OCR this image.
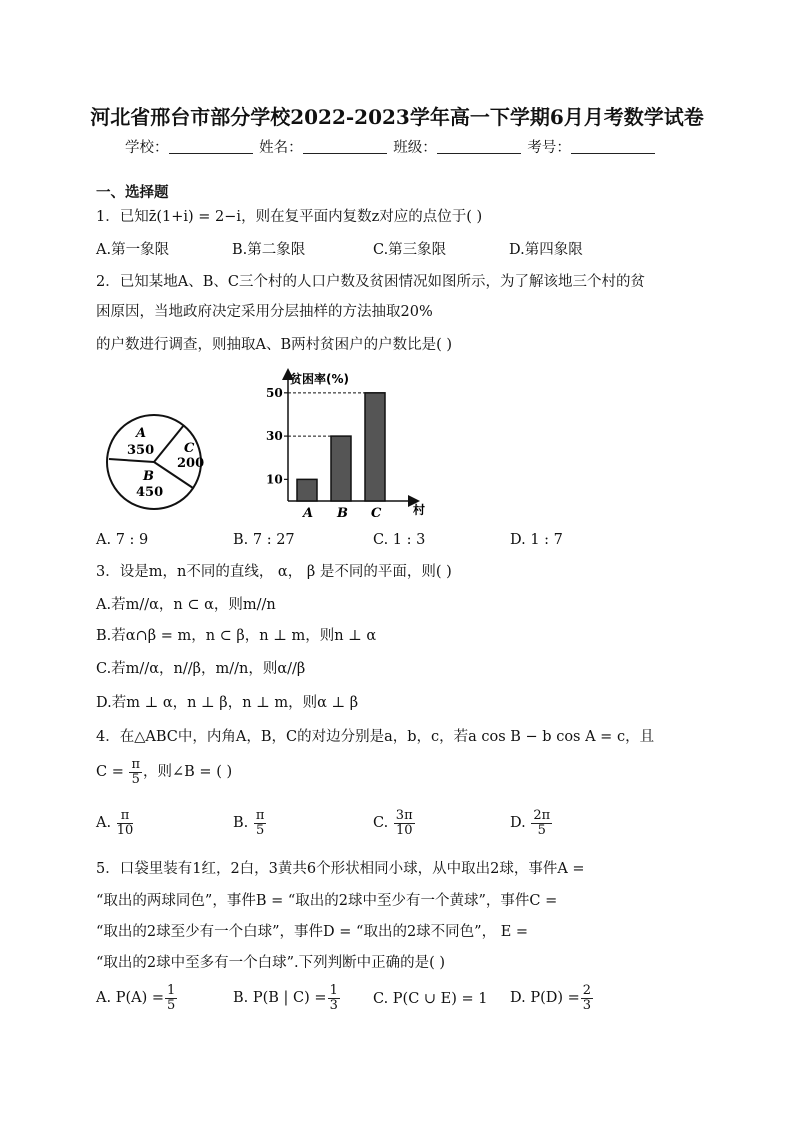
河北省邢台市部分学校2022-2023学年高一下学期6月月考数学试卷
学校：	姓名：	班级：	考号：
一、选择题
1．已知z̄(1+i) = 2−i，则在复平面内复数z对应的点位于( )
A.第一象限	B.第二象限	C.第三象限	D.第四象限
2．已知某地A、B、C三个村的人口户数及贫困情况如图所示，为了解该地三个村的贫
困原因，当地政府决定采用分层抽样的方法抽取20%
的户数进行调查，则抽取A、B两村贫困户的户数比是( )
A
350 C
200
B
450
贫困率(%)
村
10
30
50
A B C
A. 7 : 9	B. 7 : 27	C. 1 : 3	D. 1 : 7
3．设是m，n不同的直线， α， β 是不同的平面，则( )
A.若m//α，n ⊂ α，则m//n
B.若α∩β = m，n ⊂ β，n ⊥ m，则n ⊥ α
C.若m//α，n//β，m//n，则α//β
D.若m ⊥ α，n ⊥ β，n ⊥ m，则α ⊥ β
4．在△ABC中，内角A，B，C的对边分别是a，b，c，若a cos B − b cos A = c，且
$C = \frac{\pi}{5}$ ，则∠B = ( )
A. $\frac{\pi}{10}$	B. $\frac{\pi}{5}$	C. $\frac{3\pi}{10}$	D. $\frac{2\pi}{5}$
5．口袋里装有1红，2白，3黄共6个形状相同小球，从中取出2球，事件A =
“取出的两球同色”，事件B = “取出的2球中至少有一个黄球”，事件C =
“取出的2球至少有一个白球”，事件D = “取出的2球不同色”， E =
“取出的2球中至多有一个白球”.下列判断中正确的是( )
A. $P(A) = \frac{1}{5}$	B. P(B | $C) = \frac{1}{3} C$. P(C ∪ E) = 1 D. $P(D) = \frac{2}{3}$
